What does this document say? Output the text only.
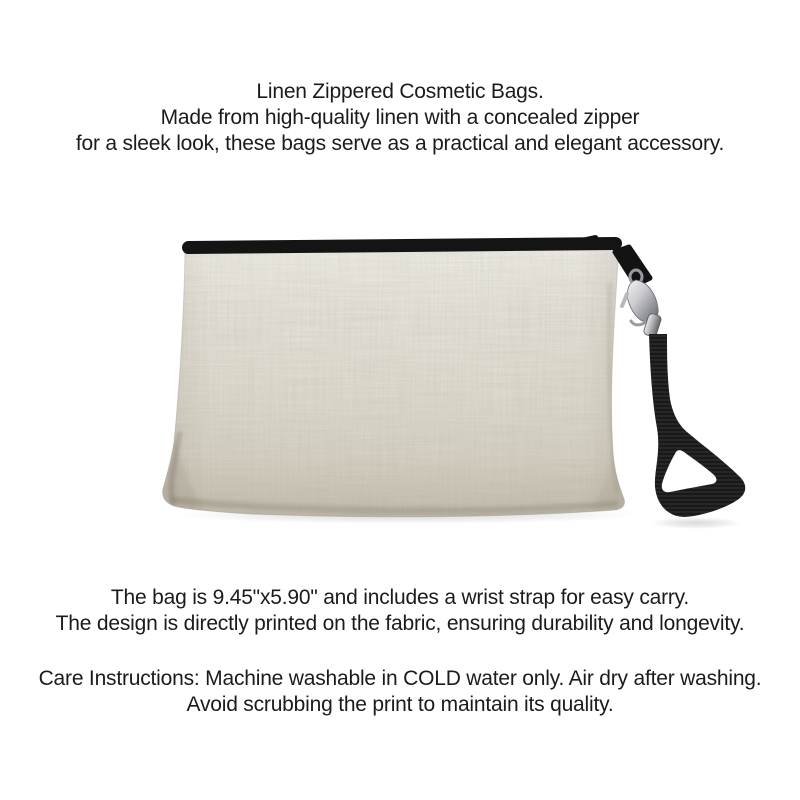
Linen Zippered Cosmetic Bags.

Made from high-quality linen with a concealed zipper

for a sleek look, these bags serve as a practical and elegant accessory.

The bag is 9.45"x5.90" and includes a wrist strap for easy carry.

The design is directly printed on the fabric, ensuring durability and longevity.

Care Instructions: Machine washable in COLD water only. Air dry after washing.

Avoid scrubbing the print to maintain its quality.
